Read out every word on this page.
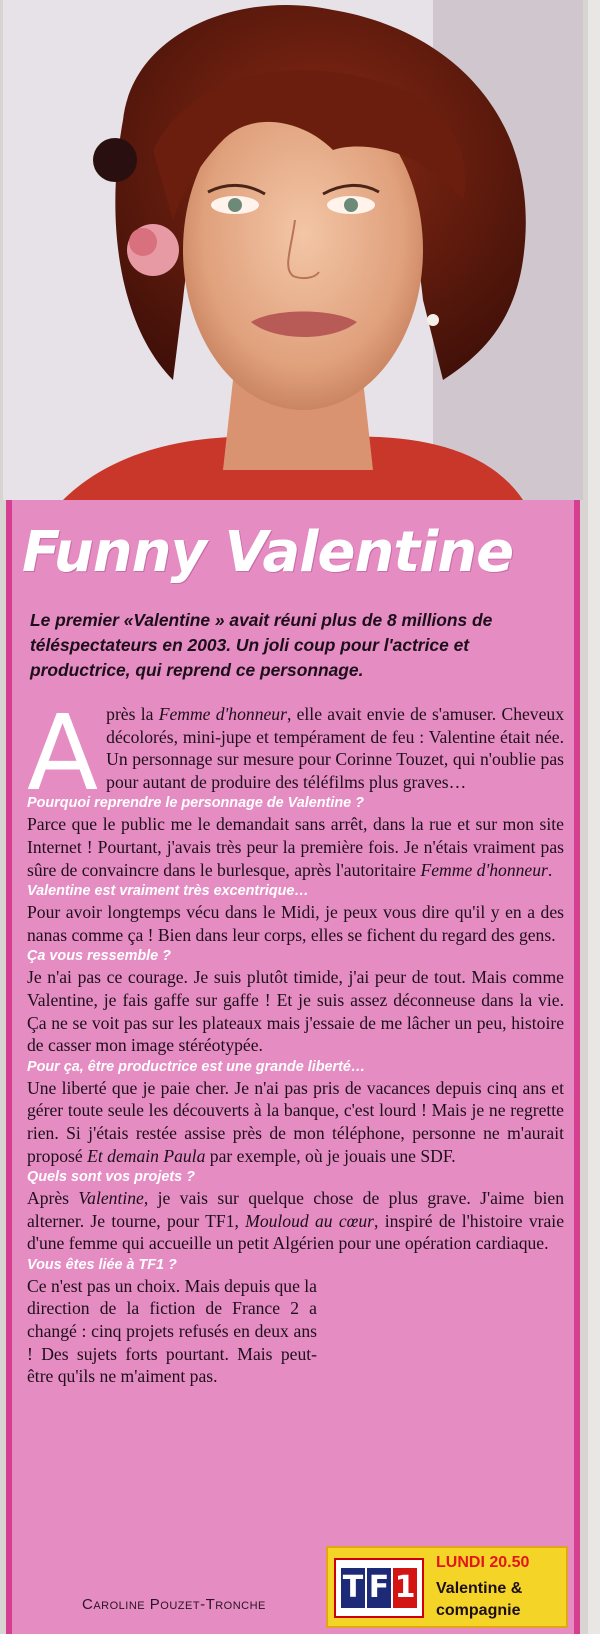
Funny Valentine
Le premier «Valentine » avait réuni plus de 8 millions de téléspectateurs en 2003. Un joli coup pour l'actrice et productrice, qui reprend ce personnage.

Après la Femme d'honneur, elle avait envie de s'amuser. Cheveux décolorés, mini-jupe et tempérament de feu : Valentine était née. Un personnage sur mesure pour Corinne Touzet, qui n'oublie pas pour autant de produire des téléfilms plus graves…

Pourquoi reprendre le personnage de Valentine ?

Parce que le public me le demandait sans arrêt, dans la rue et sur mon site Internet ! Pourtant, j'avais très peur la première fois. Je n'étais vraiment pas sûre de convaincre dans le burlesque, après l'autoritaire Femme d'honneur.

Valentine est vraiment très excentrique…

Pour avoir longtemps vécu dans le Midi, je peux vous dire qu'il y en a des nanas comme ça ! Bien dans leur corps, elles se fichent du regard des gens.

Ça vous ressemble ?

Je n'ai pas ce courage. Je suis plutôt timide, j'ai peur de tout. Mais comme Valentine, je fais gaffe sur gaffe ! Et je suis assez déconneuse dans la vie. Ça ne se voit pas sur les plateaux mais j'essaie de me lâcher un peu, histoire de casser mon image stéréotypée.

Pour ça, être productrice est une grande liberté…

Une liberté que je paie cher. Je n'ai pas pris de vacances depuis cinq ans et gérer toute seule les découverts à la banque, c'est lourd ! Mais je ne regrette rien. Si j'étais restée assise près de mon téléphone, personne ne m'aurait proposé Et demain Paula par exemple, où je jouais une SDF.

Quels sont vos projets ?

Après Valentine, je vais sur quelque chose de plus grave. J'aime bien alterner. Je tourne, pour TF1, Mouloud au cœur, inspiré de l'histoire vraie d'une femme qui accueille un petit Algérien pour une opération cardiaque.

Vous êtes liée à TF1 ?

Ce n'est pas un choix. Mais depuis que la direction de la fiction de France 2 a changé : cinq projets refusés en deux ans ! Des sujets forts pourtant. Mais peut-être qu'ils ne m'aiment pas.

Caroline Pouzet-Tronche	T F 1
LUNDI 20.50
Valentine & compagnie
